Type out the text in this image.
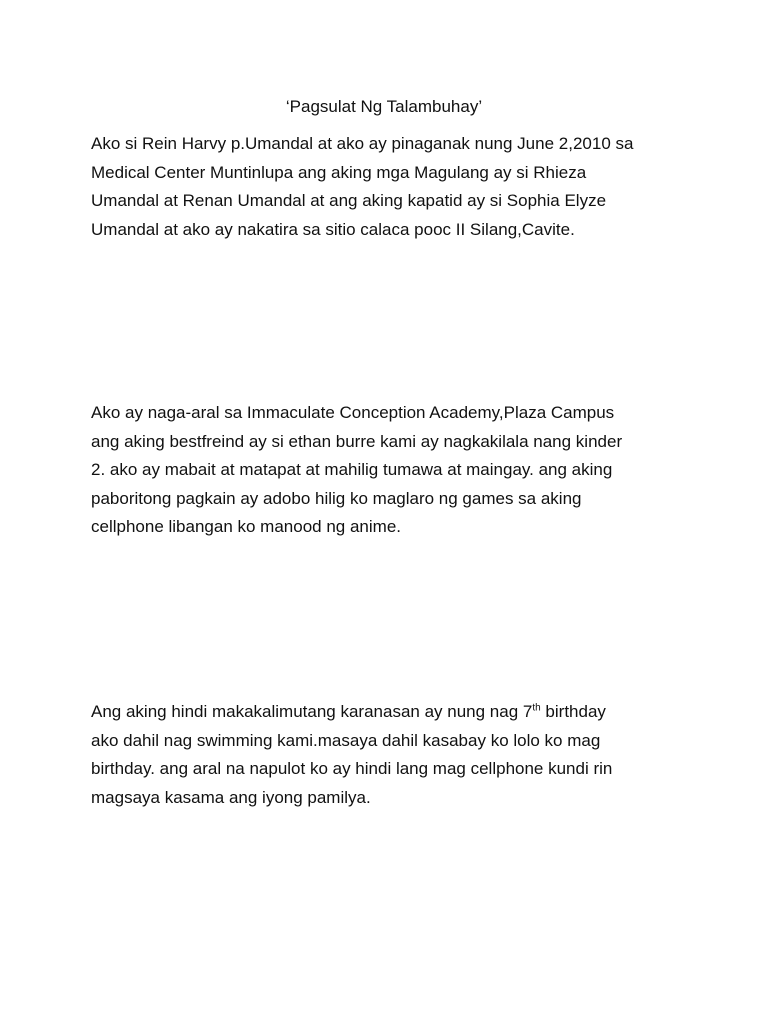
‘Pagsulat Ng Talambuhay’

Ako si Rein Harvy p.Umandal at ako ay pinaganak nung June 2,2010 sa
Medical Center Muntinlupa ang aking mga Magulang ay si Rhieza
Umandal at Renan Umandal at ang aking kapatid ay si Sophia Elyze
Umandal at ako ay nakatira sa sitio calaca pooc II Silang,Cavite.

Ako ay naga-aral sa Immaculate Conception Academy,Plaza Campus
ang aking bestfreind ay si ethan burre kami ay nagkakilala nang kinder
2. ako ay mabait at matapat at mahilig tumawa at maingay. ang aking
paboritong pagkain ay adobo hilig ko maglaro ng games sa aking
cellphone libangan ko manood ng anime.

Ang aking hindi makakalimutang karanasan ay nung nag 7th birthday
ako dahil nag swimming kami.masaya dahil kasabay ko lolo ko mag
birthday. ang aral na napulot ko ay hindi lang mag cellphone kundi rin
magsaya kasama ang iyong pamilya.
